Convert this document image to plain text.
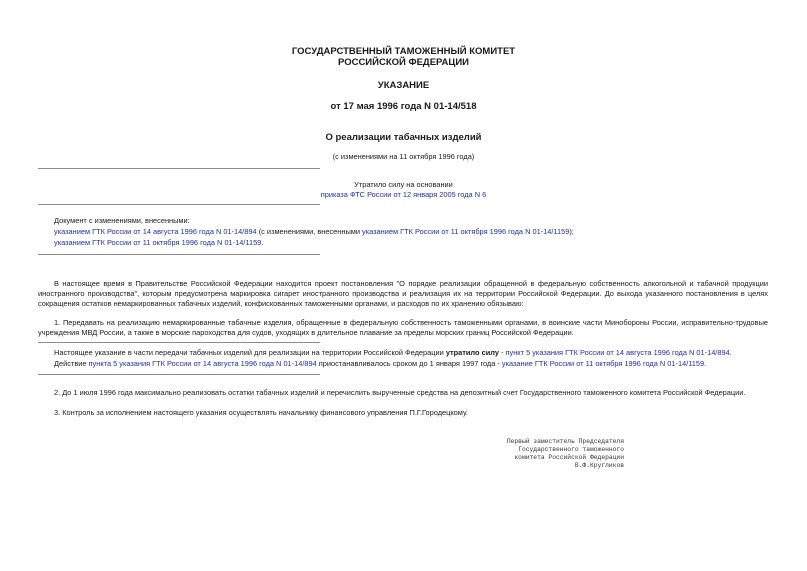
ГОСУДАРСТВЕННЫЙ ТАМОЖЕННЫЙ КОМИТЕТ
РОССИЙСКОЙ ФЕДЕРАЦИИ
УКАЗАНИЕ
от 17 мая 1996 года N 01-14/518
О реализации табачных изделий
(с изменениями на 11 октября 1996 года)
Утратило силу на основании
приказа ФТС России от 12 января 2005 года N 6
Документ с изменениями, внесенными:
указанием ГТК России от 14 августа 1996 года N 01-14/894 (с изменениями, внесенными указанием ГТК России от 11 октября 1996 года N 01-14/1159);
указанием ГТК России от 11 октября 1996 года N 01-14/1159.
В настоящее время в Правительстве Российской Федерации находится проект постановления "О порядке реализации обращенной в федеральную собственность алкогольной и табачной продукции иностранного производства", которым предусмотрена маркировка сигарет иностранного производства и реализация их на территории Российской Федерации. До выхода указанного постановления в целях сокращения остатков немаркированных табачных изделий, конфискованных таможенными органами, и расходов по их хранению обязываю:
1. Передавать на реализацию немаркированные табачные изделия, обращенные в федеральную собственность таможенными органами, в воинские части Минобороны России, исправительно-трудовые учреждения МВД России, а также в морские пароходства для судов, уходящих в длительное плавание за пределы морских границ Российской Федерации.
Настоящее указание в части передачи табачных изделий для реализации на территории Российской Федерации утратило силу - пункт 5 указания ГТК России от 14 августа 1996 года N 01-14/894.
Действие пункта 5 указания ГТК России от 14 августа 1996 года N 01-14/894 приостанавливалось сроком до 1 января 1997 года - указание ГТК России от 11 октября 1996 года N 01-14/1159.
2. До 1 июля 1996 года максимально реализовать остатки табачных изделий и перечислить вырученные средства на депозитный счет Государственного таможенного комитета Российской Федерации.
3. Контроль за исполнением настоящего указания осуществлять начальнику финансового управления П.Г.Городецкому.
Первый заместитель Председателя
Государственного таможенного
комитета Российской Федерации
В.Ф.Кругликов
